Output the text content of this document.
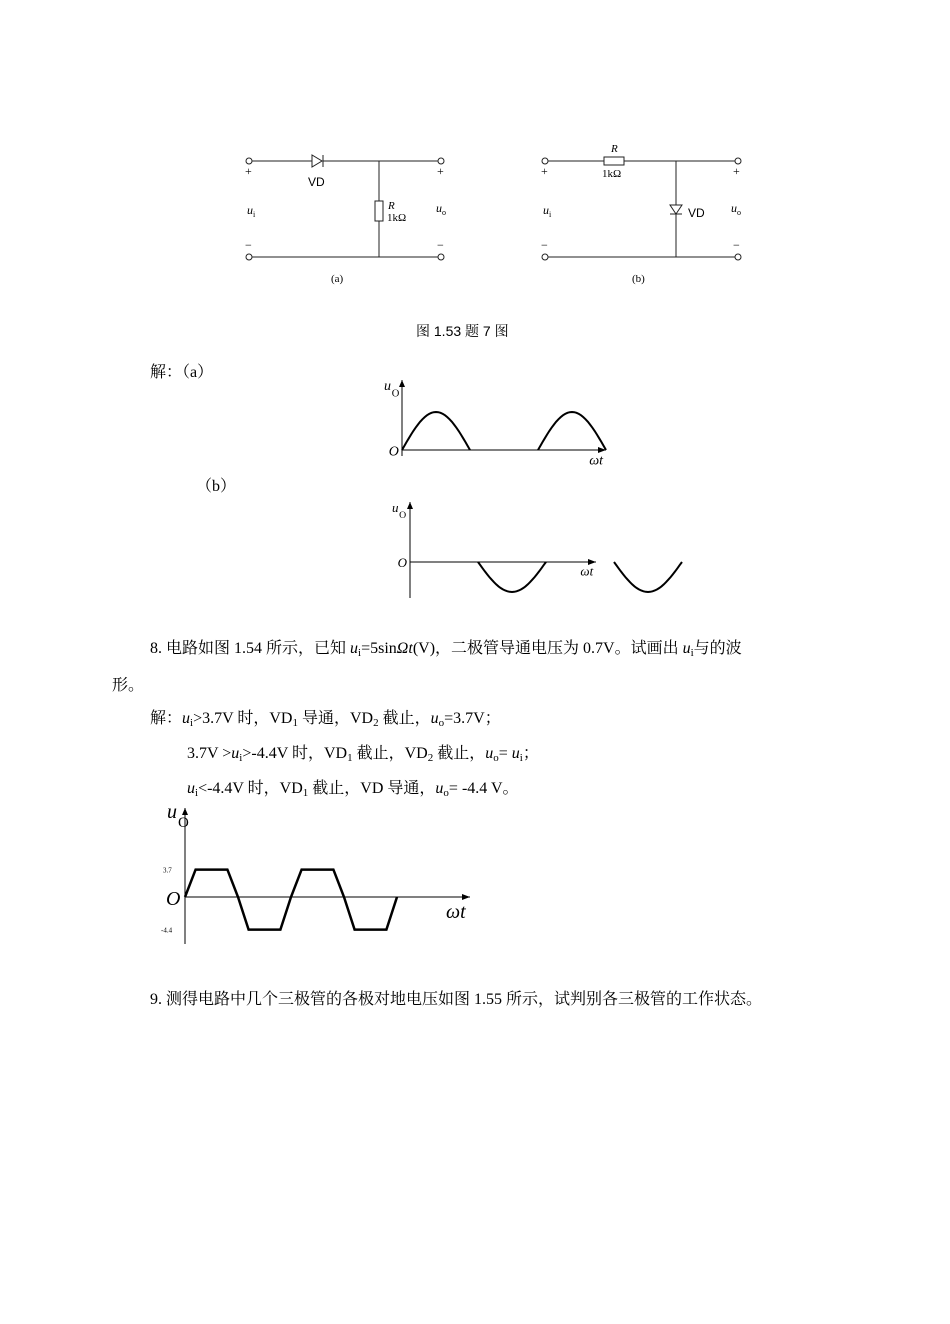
VD
R
1kΩ
+	+
−	−
$u_i$	$u_o$
(a)
R
1kΩ
VD
+	+
−	−
$u_i$	$u_o$
(b)
图 1.53 题 7 图
解：（a）
（b）
u O
ωt
O
u
O
ωt
O
8. 电路如图 1.54 所示，已知 $u_i=5\sin\Omega t(V)$，二极管导通电压为 0.7V。试画出 $u_i$与的波
形。
解：$u_i>3.7V$ 时，$VD_1$ 导通，$VD_2$ 截止，$u_o=3.7V$；
$3.7V >u_i>-4.4V$ 时，$VD_1$ 截止，$VD_2$ 截止，$u_o= u_i$；
$u_i<-4.4V$ 时，$VD_1$ 截止，VD 导通，$u_o= -4.4$ V。
u O
ωt
O
3.7
-4.4
9. 测得电路中几个三极管的各极对地电压如图 1.55 所示，试判别各三极管的工作状态。
